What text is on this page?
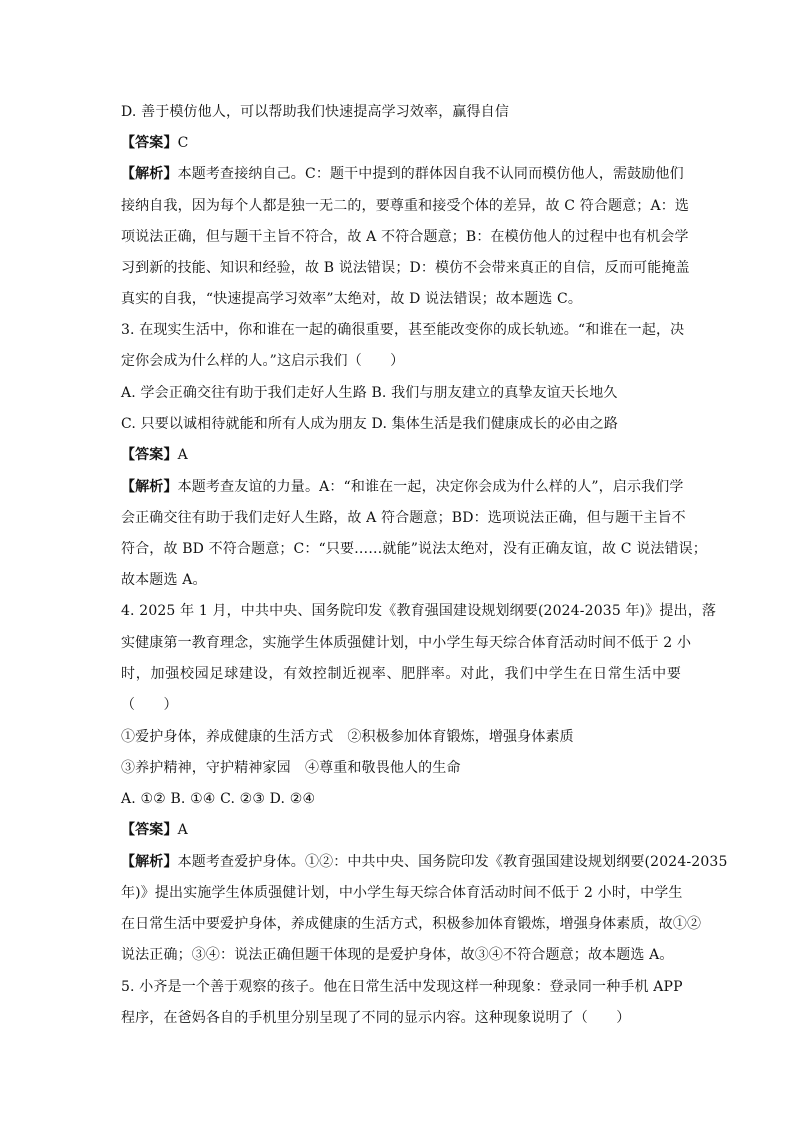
D. 善于模仿他人，可以帮助我们快速提高学习效率，赢得自信
【答案】C
【解析】本题考查接纳自己。C：题干中提到的群体因自我不认同而模仿他人，需鼓励他们
接纳自我，因为每个人都是独一无二的，要尊重和接受个体的差异，故 C 符合题意；A：选
项说法正确，但与题干主旨不符合，故 A 不符合题意；B：在模仿他人的过程中也有机会学
习到新的技能、知识和经验，故 B 说法错误；D：模仿不会带来真正的自信，反而可能掩盖
真实的自我，“快速提高学习效率”太绝对，故 D 说法错误；故本题选 C。
3. 在现实生活中，你和谁在一起的确很重要，甚至能改变你的成长轨迹。“和谁在一起，决
定你会成为什么样的人。”这启示我们（　　）
A. 学会正确交往有助于我们走好人生路 B. 我们与朋友建立的真挚友谊天长地久
C. 只要以诚相待就能和所有人成为朋友 D. 集体生活是我们健康成长的必由之路
【答案】A
【解析】本题考查友谊的力量。A：“和谁在一起，决定你会成为什么样的人”，启示我们学
会正确交往有助于我们走好人生路，故 A 符合题意；BD：选项说法正确，但与题干主旨不
符合，故 BD 不符合题意；C：“只要……就能”说法太绝对，没有正确友谊，故 C 说法错误；
故本题选 A。
4. 2025 年 1 月，中共中央、国务院印发《教育强国建设规划纲要(2024-2035 年)》提出，落
实健康第一教育理念，实施学生体质强健计划，中小学生每天综合体育活动时间不低于 2 小
时，加强校园足球建设，有效控制近视率、肥胖率。对此，我们中学生在日常生活中要
（　　）
①爱护身体，养成健康的生活方式　②积极参加体育锻炼，增强身体素质
③养护精神，守护精神家园　④尊重和敬畏他人的生命
A. ①② B. ①④ C. ②③ D. ②④
【答案】A
【解析】本题考查爱护身体。①②：中共中央、国务院印发《教育强国建设规划纲要(2024-2035
年)》提出实施学生体质强健计划，中小学生每天综合体育活动时间不低于 2 小时，中学生
在日常生活中要爱护身体，养成健康的生活方式，积极参加体育锻炼，增强身体素质，故①②
说法正确；③④：说法正确但题干体现的是爱护身体，故③④不符合题意；故本题选 A。
5. 小齐是一个善于观察的孩子。他在日常生活中发现这样一种现象：登录同一种手机 APP
程序，在爸妈各自的手机里分别呈现了不同的显示内容。这种现象说明了（　　）
